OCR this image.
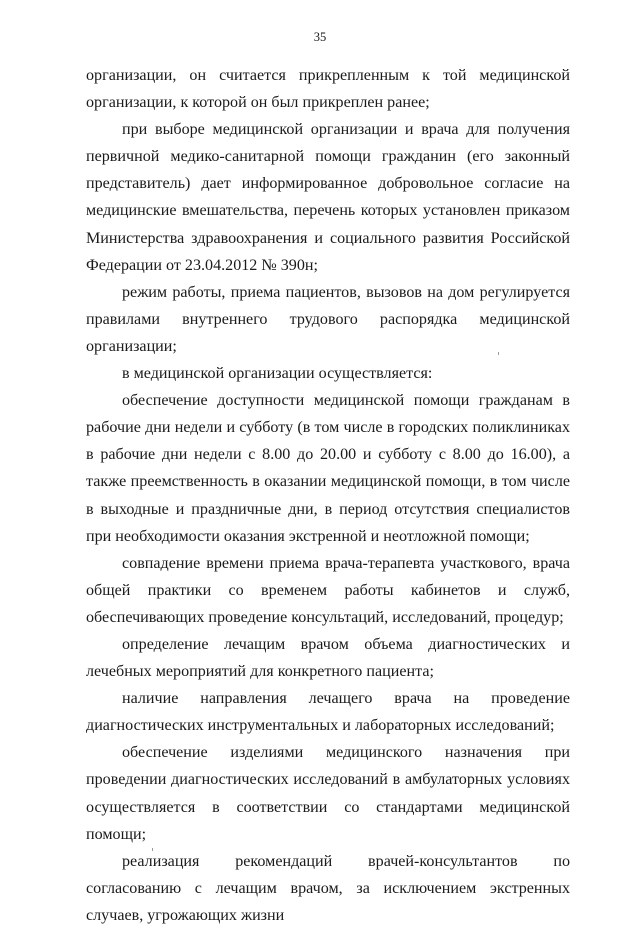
35

организации, он считается прикрепленным к той медицинской организации, к которой он был прикреплен ранее;

при выборе медицинской организации и врача для получения первичной медико-санитарной помощи гражданин (его законный представитель) дает информированное добровольное согласие на медицинские вмешательства, перечень которых установлен приказом Министерства здравоохранения и социального развития Российской Федерации от 23.04.2012 № 390н;

режим работы, приема пациентов, вызовов на дом регулируется правилами внутреннего трудового распорядка медицинской организации;

в медицинской организации осуществляется:

обеспечение доступности медицинской помощи гражданам в рабочие дни недели и субботу (в том числе в городских поликлиниках в рабочие дни недели с 8.00 до 20.00 и субботу с 8.00 до 16.00), а также преемственность в оказании медицинской помощи, в том числе в выходные и праздничные дни, в период отсутствия специалистов при необходимости оказания экстренной и неотложной помощи;

совпадение времени приема врача-терапевта участкового, врача общей практики со временем работы кабинетов и служб, обеспечивающих проведение консультаций, исследований, процедур;

определение лечащим врачом объема диагностических и лечебных мероприятий для конкретного пациента;

наличие направления лечащего врача на проведение диагностических инструментальных и лабораторных исследований;

обеспечение изделиями медицинского назначения при проведении диагностических исследований в амбулаторных условиях осуществляется в соответствии со стандартами медицинской помощи;

реализация рекомендаций врачей-консультантов по согласованию с лечащим врачом, за исключением экстренных случаев, угрожающих жизни
